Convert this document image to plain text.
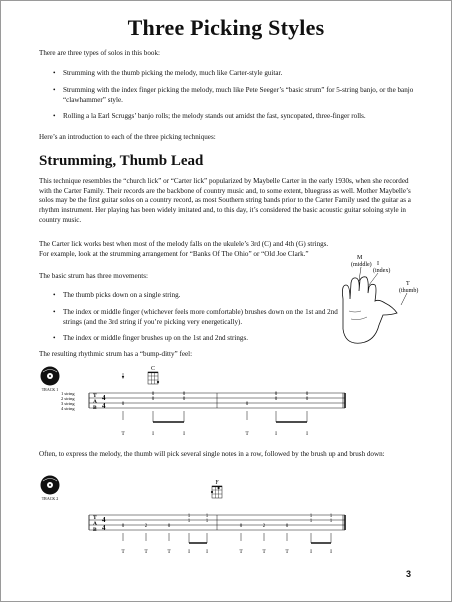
Three Picking Styles

There are three types of solos in this book:

• Strumming with the thumb picking the melody, much like Carter-style guitar.
• Strumming with the index finger picking the melody, much like Pete Seeger’s “basic strum” for 5-string banjo, or the banjo “clawhammer” style.
• Rolling a la Earl Scruggs’ banjo rolls; the melody stands out amidst the fast, syncopated, three-finger rolls.

Here’s an introduction to each of the three picking techniques:

Strumming, Thumb Lead

This technique resembles the “church lick” or “Carter lick” popularized by Maybelle Carter in the early 1930s, when she recorded with the Carter Family. Their records are the backbone of country music and, to some extent, bluegrass as well. Mother Maybelle’s solos may be the first guitar solos on a country record, as most Southern string bands prior to the Carter Family used the guitar as a rhythm instrument. Her playing has been widely imitated and, to this day, it’s considered the basic acoustic guitar soloing style in country music.

The Carter lick works best when most of the melody falls on the ukulele’s 3rd (C) and 4th (G) strings. For example, look at the strumming arrangement for “Banks Of The Ohio” or “Old Joe Clark.”

The basic strum has three movements:

• The thumb picks down on a single string.
• The index or middle finger (whichever feels more comfortable) brushes down on the 1st and 2nd strings (and the 3rd string if you’re picking very energetically).
• The index or middle finger brushes up on the 1st and 2nd strings.

The resulting rhythmic strum has a “bump-ditty” feel:

Often, to express the melody, the thumb will pick several single notes in a row, followed by the brush up and brush down:

M
(middle) I
(index)
T
(thumb)
TRACK 1
TRACK 2
C
1 string
2 string
3 string
4 string
T
A
B
4
4	0
0
0
0
0
0
0
0
0
0
T	I	I	T	I	I
F
T
A
B
4
4	0	2	0
1
1
1
1
0	2	0
1
1
1
1
T	T	T	I	I	T	T	T	I	I
3
